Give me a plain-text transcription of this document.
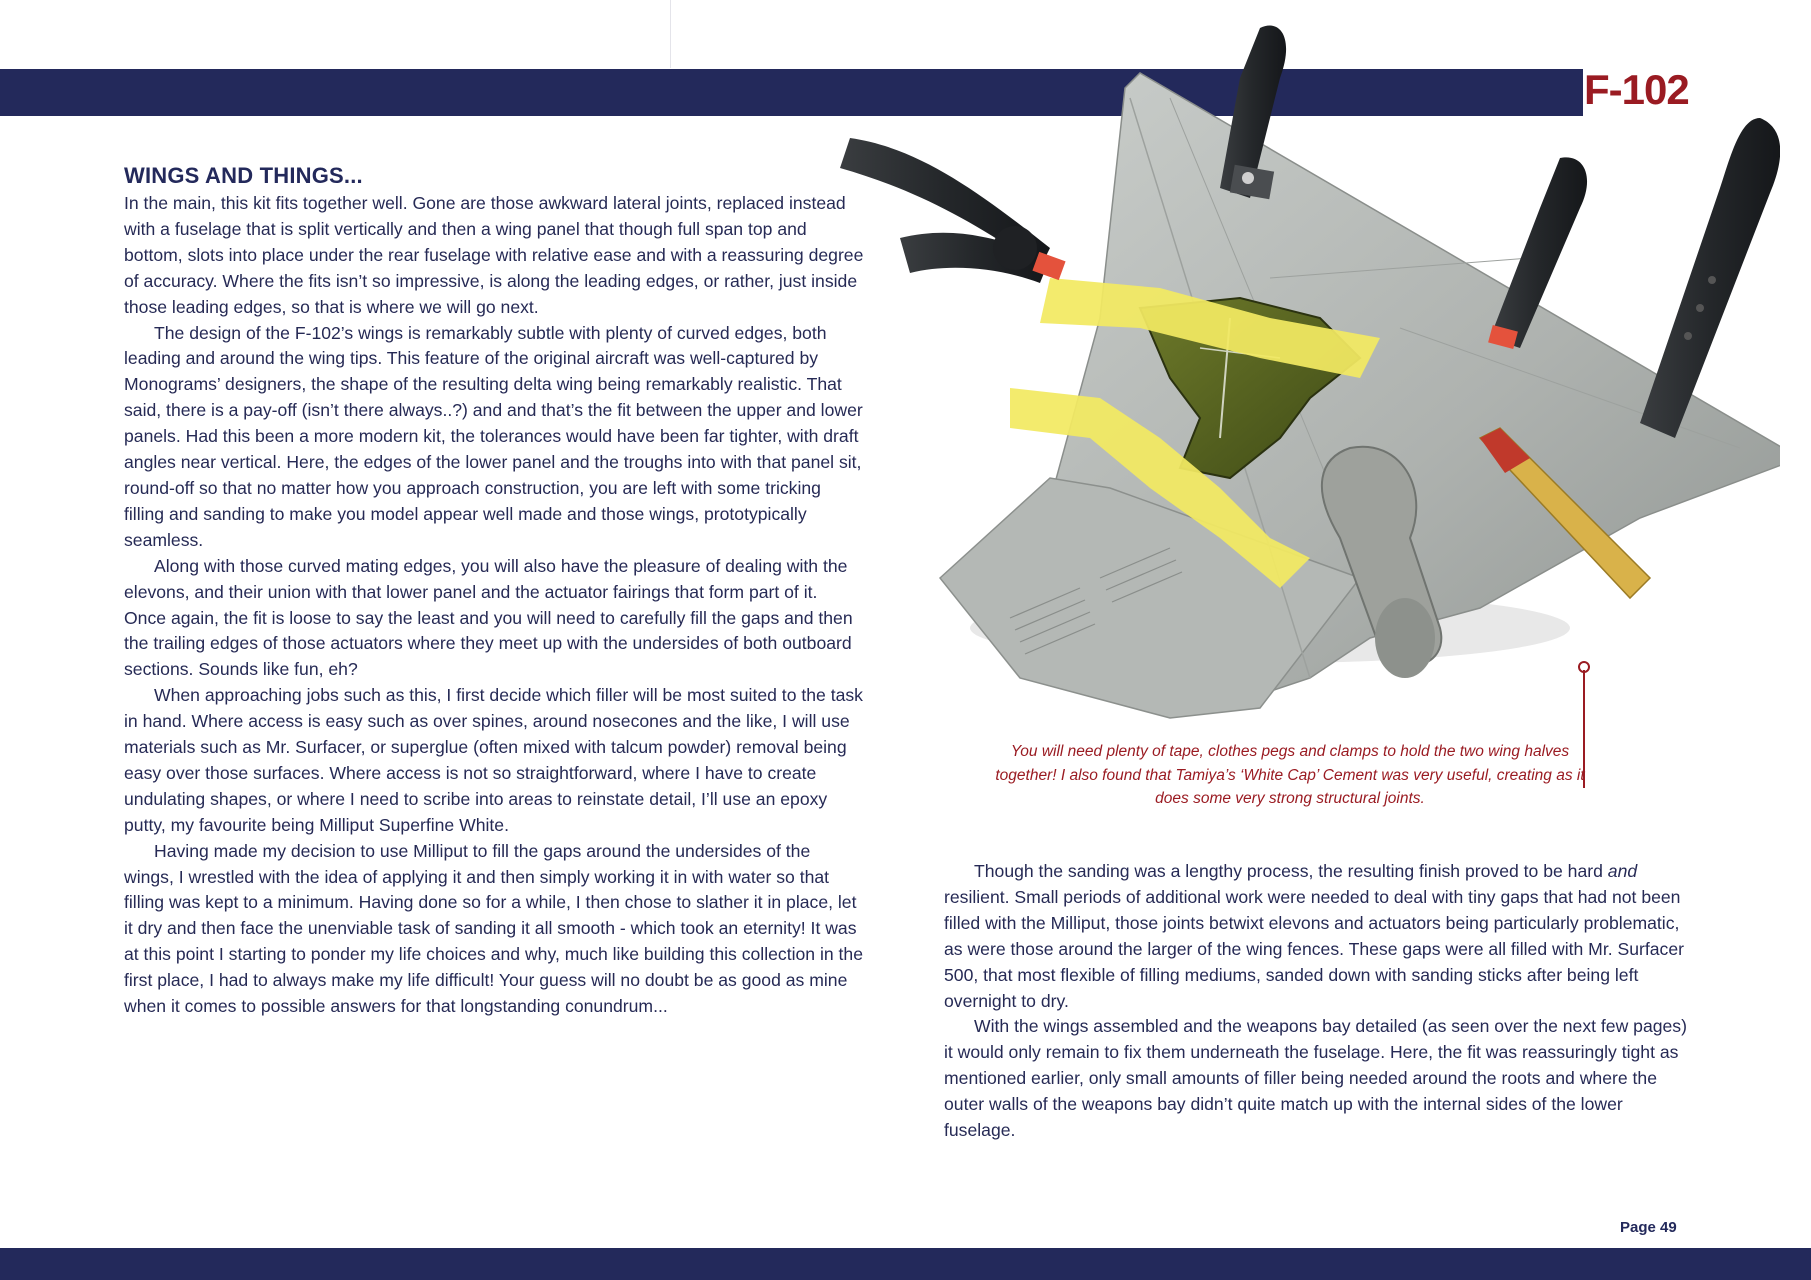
F-102
WINGS AND THINGS...

In the main, this kit fits together well. Gone are those awkward lateral joints, replaced instead with a fuselage that is split vertically and then a wing panel that though full span top and bottom, slots into place under the rear fuselage with relative ease and with a reassuring degree of accuracy. Where the fits isn’t so impressive, is along the leading edges, or rather, just inside those leading edges, so that is where we will go next.

The design of the F-102’s wings is remarkably subtle with plenty of curved edges, both leading and around the wing tips. This feature of the original aircraft was well-captured by Monograms’ designers, the shape of the resulting delta wing being remarkably realistic. That said, there is a pay-off (isn’t there always..?) and and that’s the fit between the upper and lower panels. Had this been a more modern kit, the tolerances would have been far tighter, with draft angles near vertical. Here, the edges of the lower panel and the troughs into with that panel sit, round-off so that no matter how you approach construction, you are left with some tricking filling and sanding to make you model appear well made and those wings, prototypically seamless.

Along with those curved mating edges, you will also have the pleasure of dealing with the elevons, and their union with that lower panel and the actuator fairings that form part of it. Once again, the fit is loose to say the least and you will need to carefully fill the gaps and then the trailing edges of those actuators where they meet up with the undersides of both outboard sections. Sounds like fun, eh?

When approaching jobs such as this, I first decide which filler will be most suited to the task in hand. Where access is easy such as over spines, around nosecones and the like, I will use materials such as Mr. Surfacer, or superglue (often mixed with talcum powder) removal being easy over those surfaces. Where access is not so straightforward, where I have to create undulating shapes, or where I need to scribe into areas to reinstate detail, I’ll use an epoxy putty, my favourite being Milliput Superfine White.

Having made my decision to use Milliput to fill the gaps around the undersides of the wings, I wrestled with the idea of applying it and then simply working it in with water so that filling was kept to a minimum. Having done so for a while, I then chose to slather it in place, let it dry and then face the unenviable task of sanding it all smooth - which took an eternity! It was at this point I starting to ponder my life choices and why, much like building this collection in the first place, I had to always make my life difficult! Your guess will no doubt be as good as mine when it comes to possible answers for that longstanding conundrum...

You will need plenty of tape, clothes pegs and clamps to hold the two wing halves together! I also found that Tamiya’s ‘White Cap’ Cement was very useful, creating as it does some very strong structural joints.

Though the sanding was a lengthy process, the resulting finish proved to be hard and resilient. Small periods of additional work were needed to deal with tiny gaps that had not been filled with the Milliput, those joints betwixt elevons and actuators being particularly problematic, as were those around the larger of the wing fences. These gaps were all filled with Mr. Surfacer 500, that most flexible of filling mediums, sanded down with sanding sticks after being left overnight to dry.

With the wings assembled and the weapons bay detailed (as seen over the next few pages) it would only remain to fix them underneath the fuselage. Here, the fit was reassuringly tight as mentioned earlier, only small amounts of filler being needed around the roots and where the outer walls of the weapons bay didn’t quite match up with the internal sides of the lower fuselage.

Page 49
